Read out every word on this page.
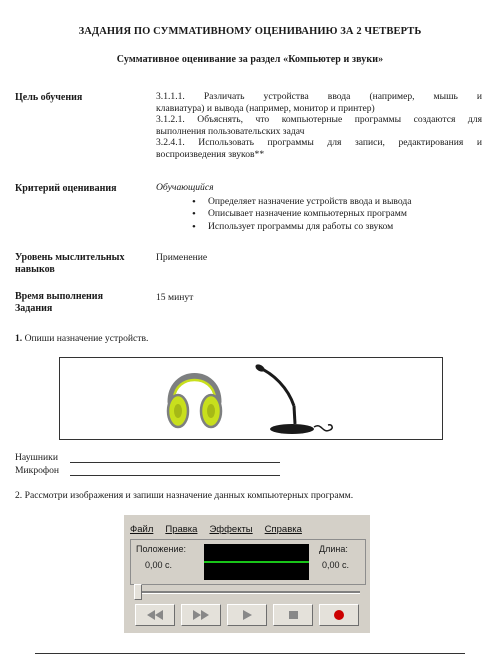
ЗАДАНИЯ ПО СУММАТИВНОМУ ОЦЕНИВАНИЮ ЗА 2 ЧЕТВЕРТЬ
Суммативное оценивание за раздел «Компьютер и звуки»
Цель обучения	3.1.1.1. Различать устройства ввода (например, мышь и
клавиатура) и вывода (например, монитор и принтер)
3.1.2.1. Объяснять, что компьютерные программы создаются для
выполнения пользовательских задач
3.2.4.1. Использовать программы для записи, редактирования и
воспроизведения звуков**
Критерий оценивания	Обучающийся
• Определяет назначение устройств ввода и вывода
• Описывает назначение компьютерных программ
• Использует программы для работы со звуком
Уровень мыслительных
навыков
Применение
Время выполнения
Задания
15 минут
1. Опиши назначение устройств.
Наушники
Микрофон
2. Рассмотри изображения и запиши назначение данных компьютерных программ.
Файл Правка Эффекты Справка
Положение:
0,00 с.
Длина:
0,00 с.
